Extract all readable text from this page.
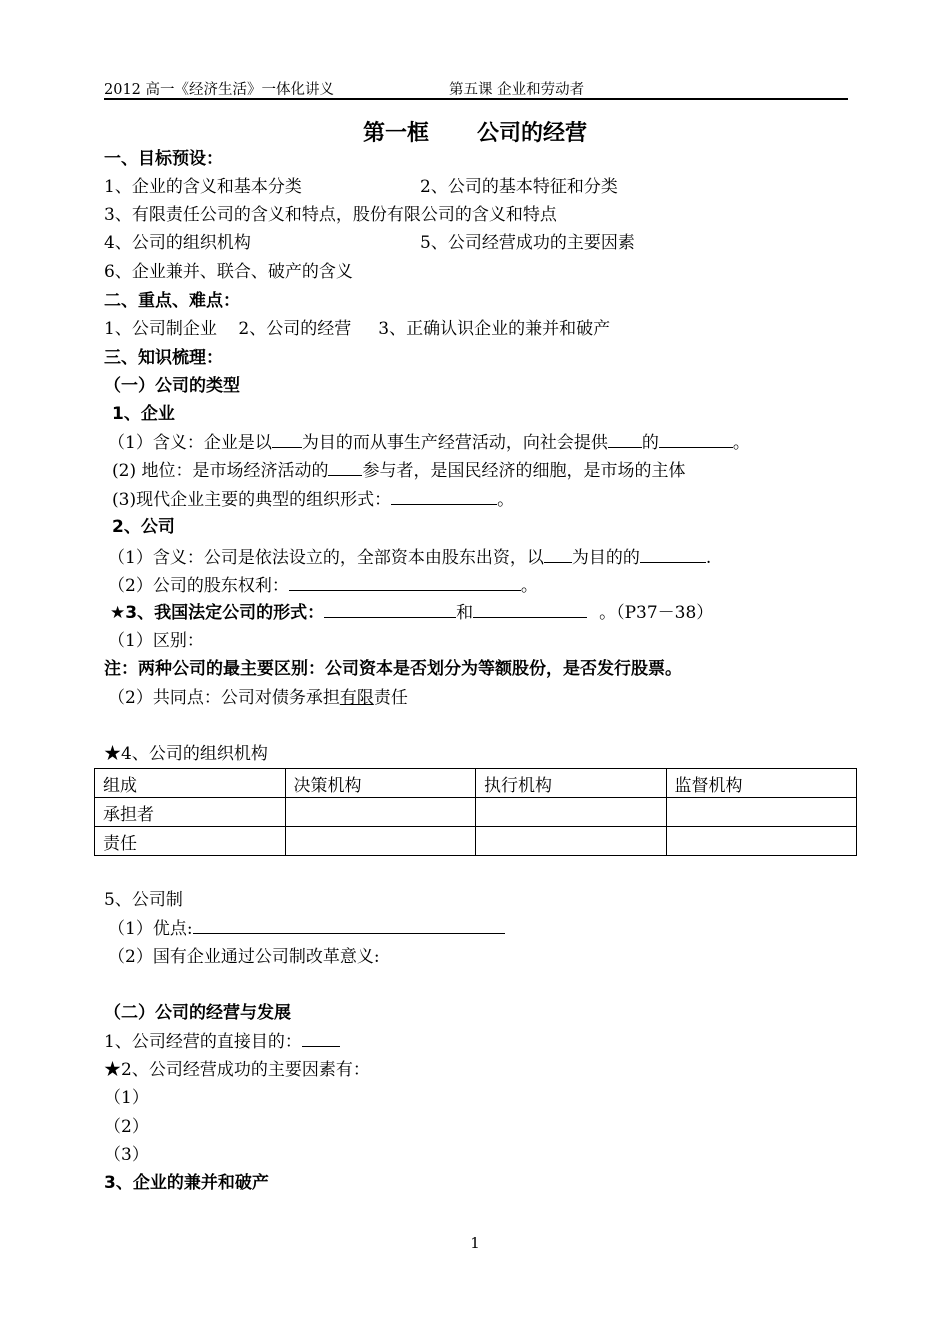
2012 高一《经济生活》一体化讲义	第五课 企业和劳动者
第一框 公司的经营
一、目标预设：
1、企业的含义和基本分类	2、公司的基本特征和分类
3、有限责任公司的含义和特点，股份有限公司的含义和特点
4、公司的组织机构	5、公司经营成功的主要因素
6、企业兼并、联合、破产的含义
二、重点、难点：
1、公司制企业    2、公司的经营     3、正确认识企业的兼并和破产
三、知识梳理：
（一）公司的类型
1、企业
（1）含义：企业是以 为目的而从事生产经营活动，向社会提供 的	。
(2) 地位：是市场经济活动的 参与者，是国民经济的细胞，是市场的主体
(3)现代企业主要的典型的组织形式：	。
2、公司
（1）含义：公司是依法设立的，全部资本由股东出资，以 为目的的	.
（2）公司的股东权利：	。
★3、我国法定公司的形式：	和	。（P37－38）
（1）区别：
注：两种公司的最主要区别：公司资本是否划分为等额股份，是否发行股票。
（2）共同点：公司对债务承担有限责任
★4、公司的组织机构
组成	决策机构	执行机构	监督机构
承担者			
责任			
5、公司制
（1）优点:
（2）国有企业通过公司制改革意义:
（二）公司的经营与发展
1、公司经营的直接目的：
★2、公司经营成功的主要因素有：
（1）
（2）
（3）
3、企业的兼并和破产
1
